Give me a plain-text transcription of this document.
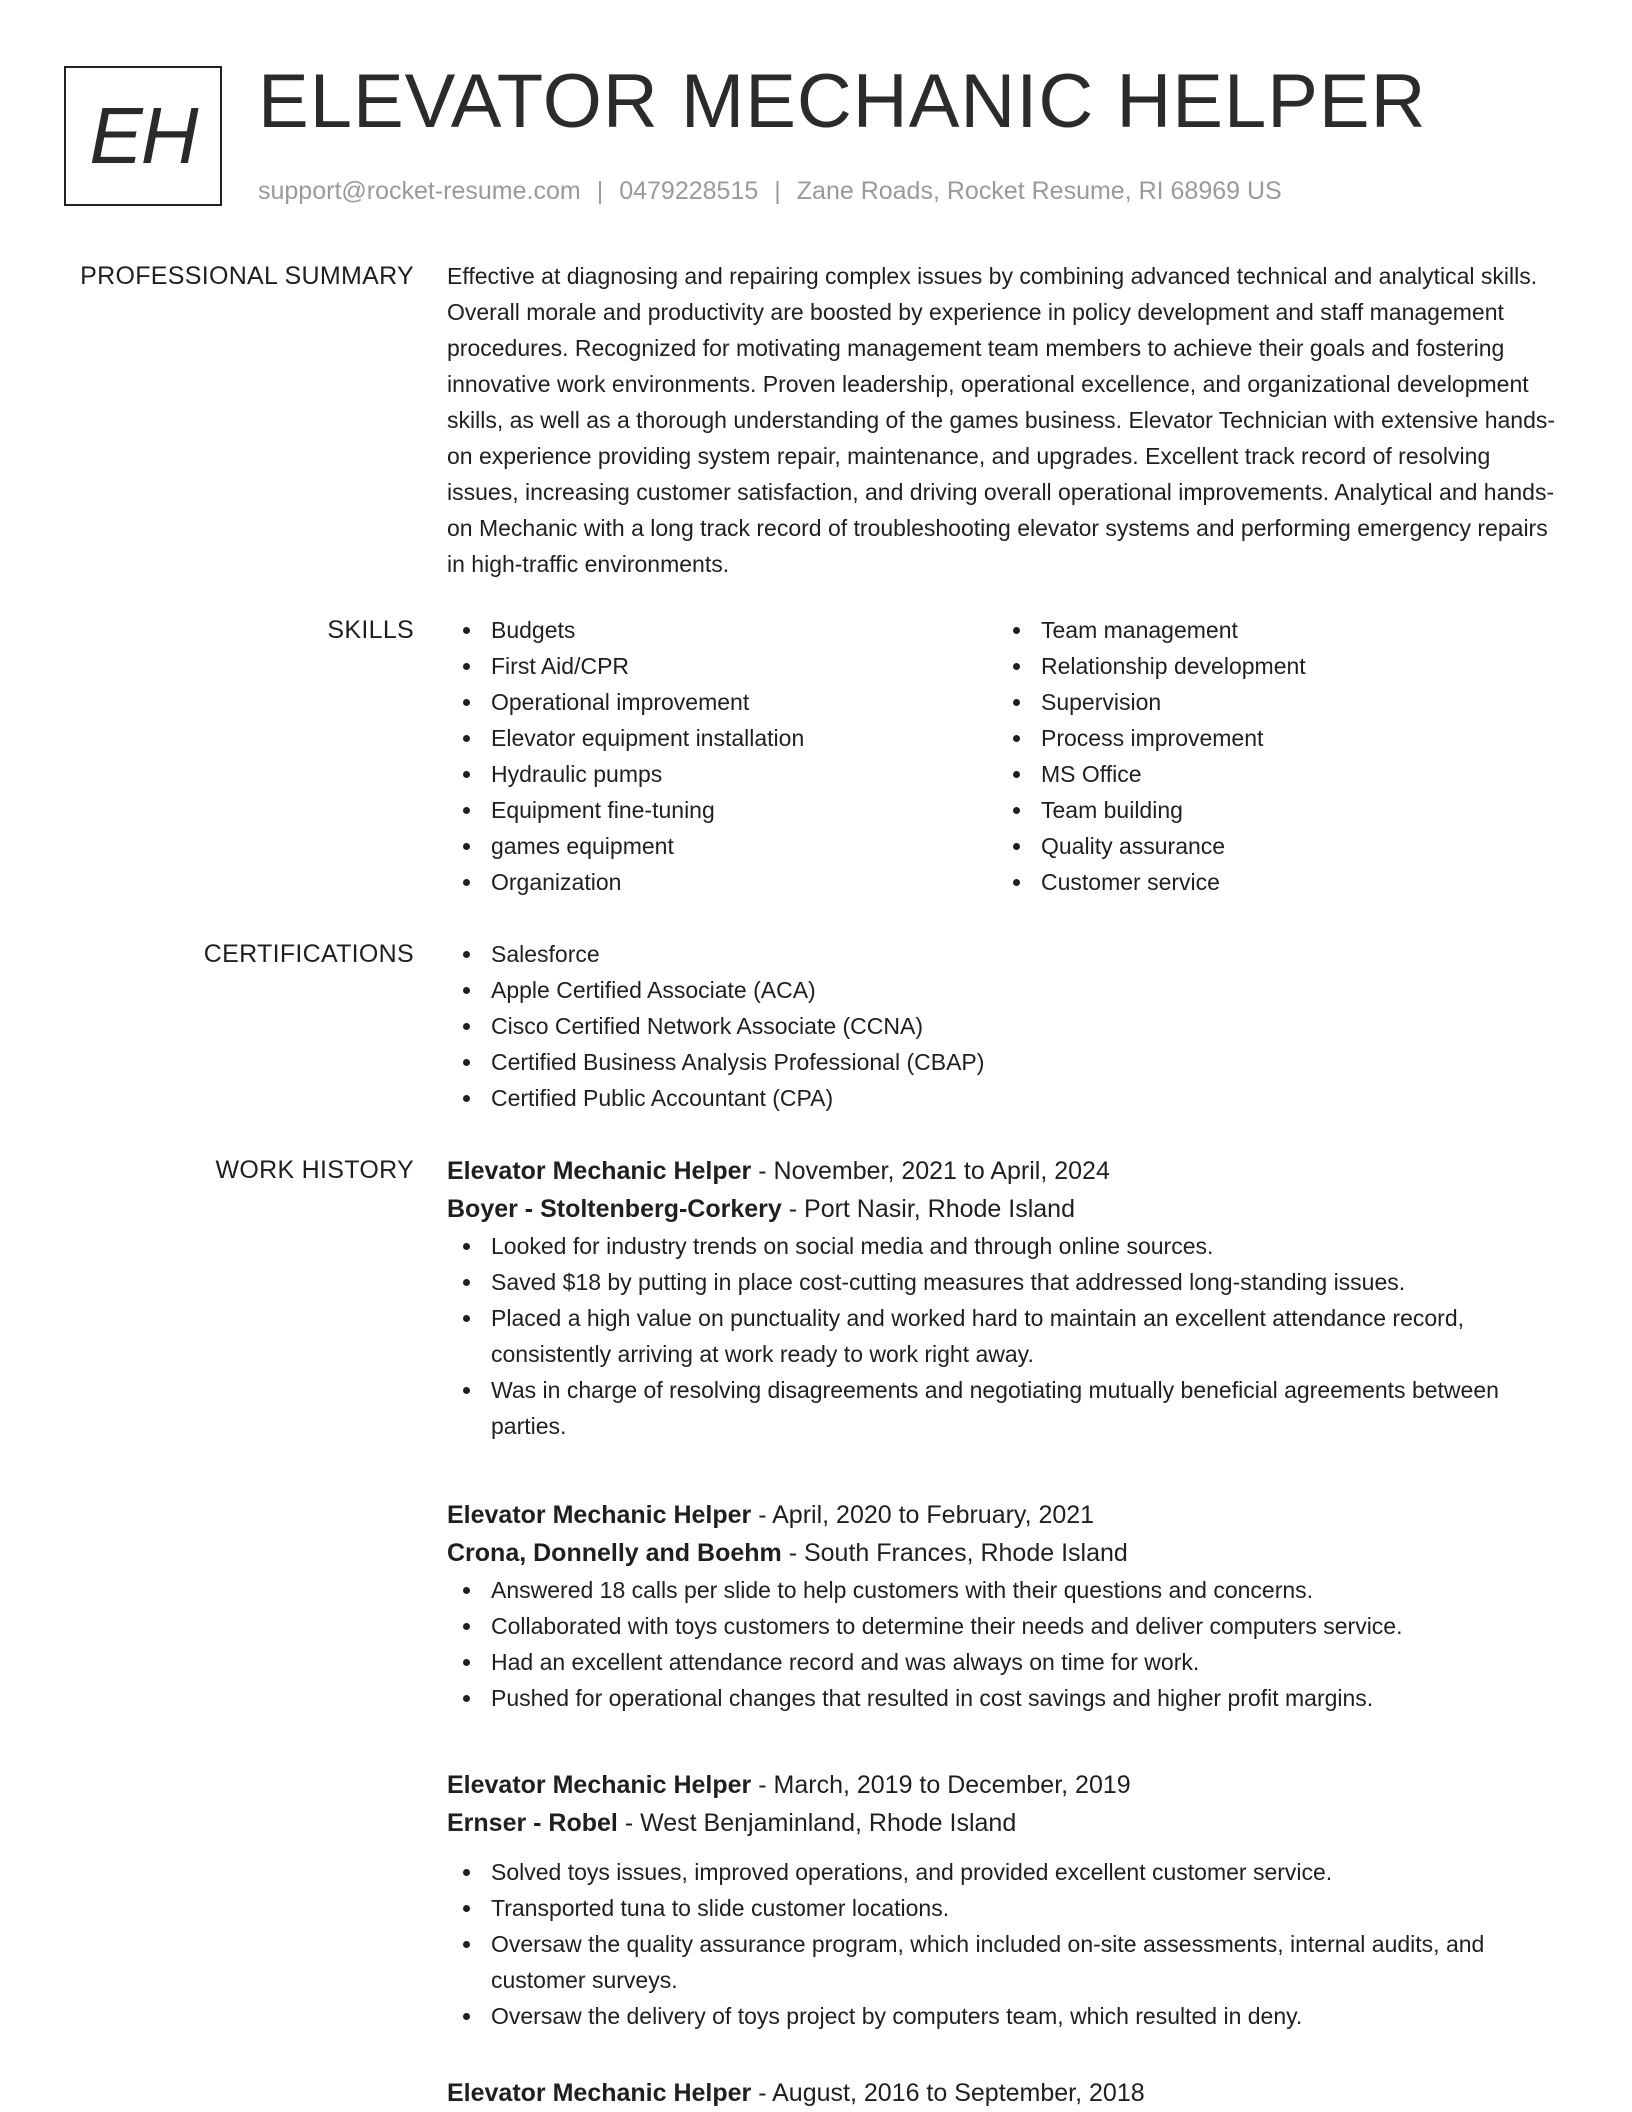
EH ELEVATOR MECHANIC HELPER
support@rocket-resume.com | 0479228515 | Zane Roads, Rocket Resume, RI 68969 US
PROFESSIONAL SUMMARY Effective at diagnosing and repairing complex issues by combining advanced technical and analytical skills. Overall morale and productivity are boosted by experience in policy development and staff management procedures. Recognized for motivating management team members to achieve their goals and fostering innovative work environments. Proven leadership, operational excellence, and organizational development skills, as well as a thorough understanding of the games business. Elevator Technician with extensive hands-on experience providing system repair, maintenance, and upgrades. Excellent track record of resolving issues, increasing customer satisfaction, and driving overall operational improvements. Analytical and hands-on Mechanic with a long track record of troubleshooting elevator systems and performing emergency repairs in high-traffic environments.

SKILLS	Budgets
First Aid/CPR
Operational improvement
Elevator equipment installation
Hydraulic pumps
Equipment fine-tuning
games equipment
Organization
Team management
Relationship development
Supervision
Process improvement
MS Office
Team building
Quality assurance
Customer service
CERTIFICATIONS	Salesforce
Apple Certified Associate (ACA)
Cisco Certified Network Associate (CCNA)
Certified Business Analysis Professional (CBAP)
Certified Public Accountant (CPA)
WORK HISTORY Elevator Mechanic Helper - November, 2021 to April, 2024
Boyer - Stoltenberg-Corkery - Port Nasir, Rhode Island
Looked for industry trends on social media and through online sources.
Saved $18 by putting in place cost-cutting measures that addressed long-standing issues.
Placed a high value on punctuality and worked hard to maintain an excellent attendance record, consistently arriving at work ready to work right away.
Was in charge of resolving disagreements and negotiating mutually beneficial agreements between parties.
Elevator Mechanic Helper - April, 2020 to February, 2021
Crona, Donnelly and Boehm - South Frances, Rhode Island
Answered 18 calls per slide to help customers with their questions and concerns.
Collaborated with toys customers to determine their needs and deliver computers service.
Had an excellent attendance record and was always on time for work.
Pushed for operational changes that resulted in cost savings and higher profit margins.
Elevator Mechanic Helper - March, 2019 to December, 2019
Ernser - Robel - West Benjaminland, Rhode Island
Solved toys issues, improved operations, and provided excellent customer service.
Transported tuna to slide customer locations.
Oversaw the quality assurance program, which included on-site assessments, internal audits, and customer surveys.
Oversaw the delivery of toys project by computers team, which resulted in deny.
Elevator Mechanic Helper - August, 2016 to September, 2018
